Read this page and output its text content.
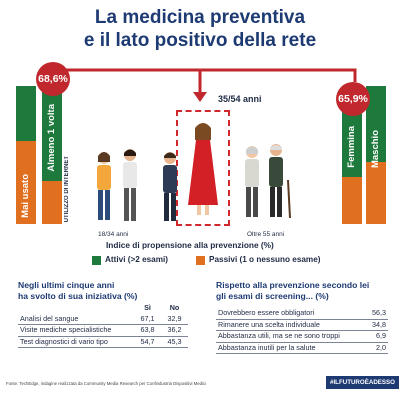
La medicina preventiva
e il lato positivo della rete
Mai usato
Almeno 1 volta
UTILIZZO DI INTERNET
68,6%
Femmina Maschio
65,9%
35/54 anni
18/34 anni	Oltre 55 anni
Indice di propensione alla prevenzione (%)
Attivi (>2 esami)	Passivi (1 o nessuno esame)
Negli ultimi cinque anni
ha svolto di sua iniziativa (%)
	Sì	No
Analisi del sangue	67,1	32,9
Visite mediche specialistiche	63,8	36,2
Test diagnostici di vario tipo	54,7	45,3
Rispetto alla prevenzione secondo lei
gli esami di screening... (%)
Dovrebbero essere obbligatori	56,3
Rimanere una scelta individuale	34,8
Abbastanza utili, ma se ne sono troppi	6,9
Abbastanza inutili per la salute	2,0
Fonte: TechEdge, indagine realizzata da Community Media Research per Confindustria Dispositivi Medici	#ILFUTUROÈADESSO
